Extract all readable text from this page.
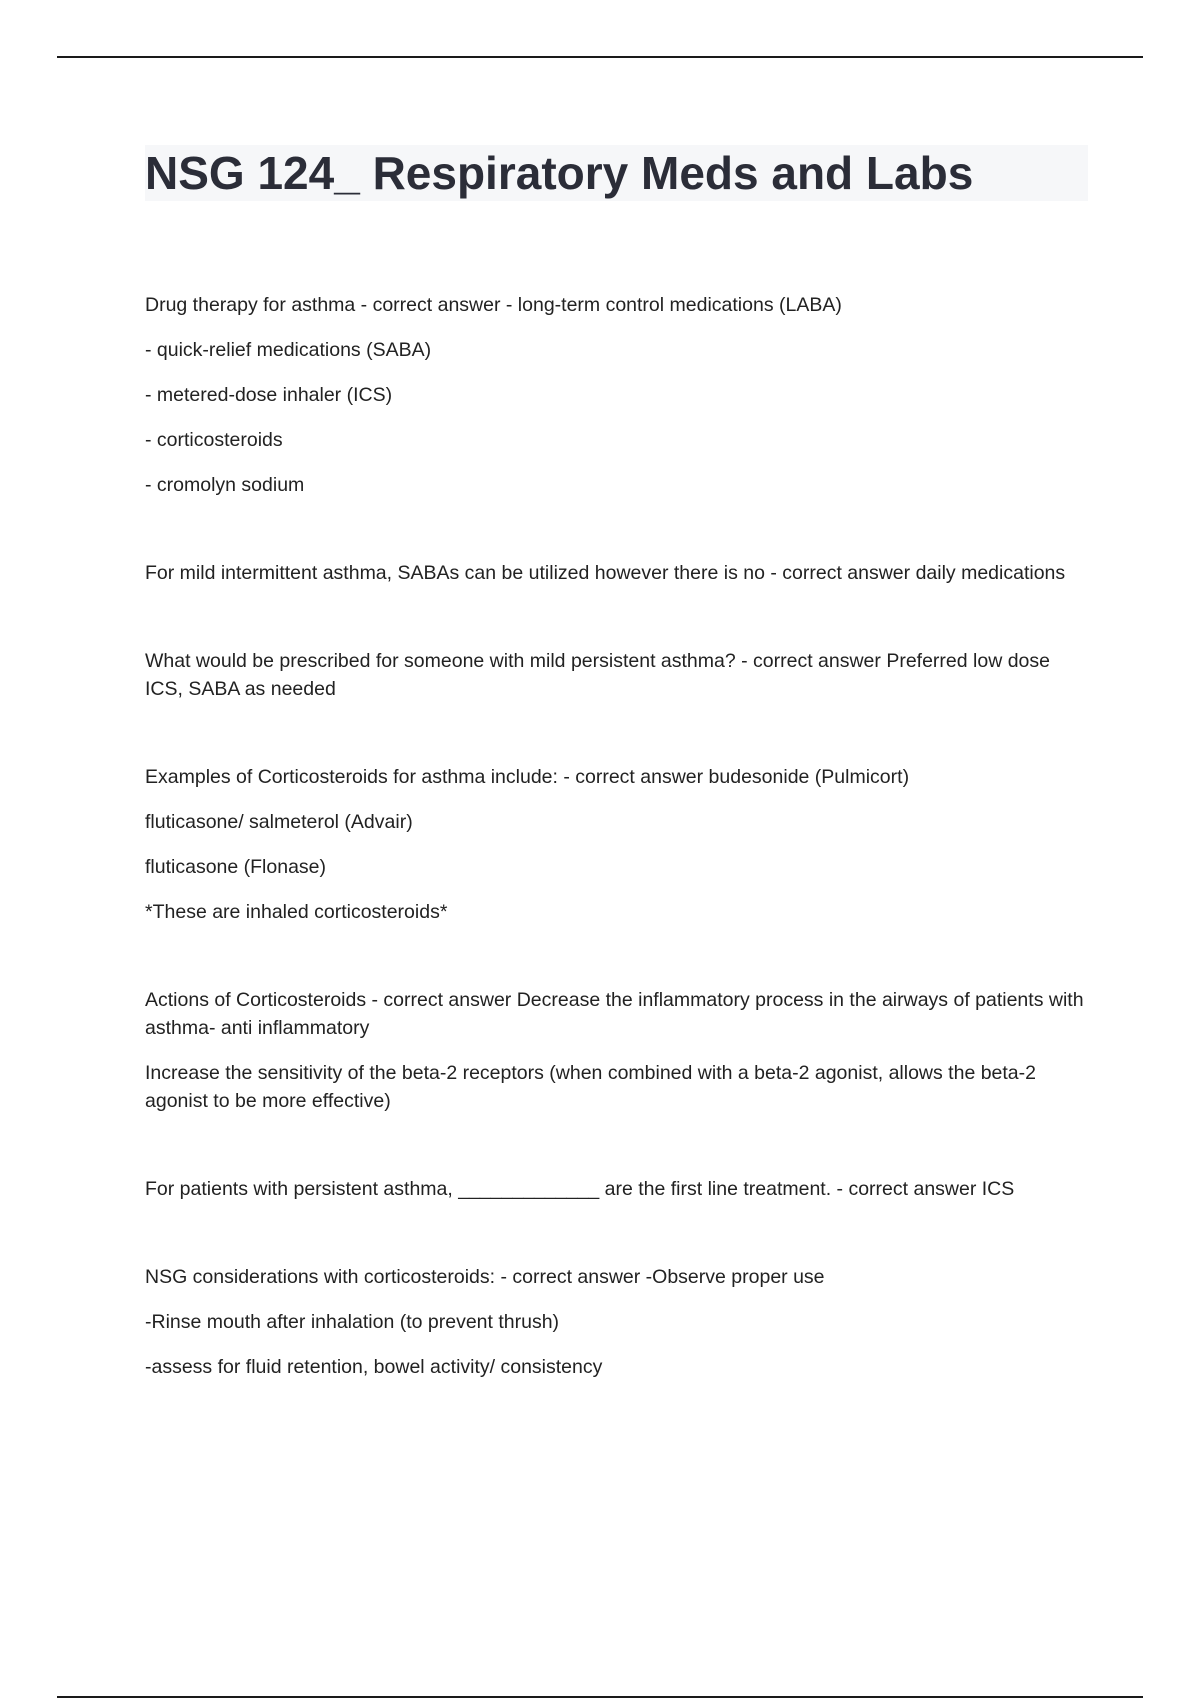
NSG 124_ Respiratory Meds and Labs

Drug therapy for asthma - correct answer - long-term control medications (LABA)

- quick-relief medications (SABA)

- metered-dose inhaler (ICS)

- corticosteroids

- cromolyn sodium

For mild intermittent asthma, SABAs can be utilized however there is no - correct answer daily medications

What would be prescribed for someone with mild persistent asthma? - correct answer Preferred low dose ICS, SABA as needed

Examples of Corticosteroids for asthma include: - correct answer budesonide (Pulmicort)

fluticasone/ salmeterol (Advair)

fluticasone (Flonase)

*These are inhaled corticosteroids*

Actions of Corticosteroids - correct answer Decrease the inflammatory process in the airways of patients with asthma- anti inflammatory

Increase the sensitivity of the beta-2 receptors (when combined with a beta-2 agonist, allows the beta-2 agonist to be more effective)

For patients with persistent asthma, _____________ are the first line treatment. - correct answer ICS

NSG considerations with corticosteroids: - correct answer -Observe proper use

-Rinse mouth after inhalation (to prevent thrush)

-assess for fluid retention, bowel activity/ consistency
